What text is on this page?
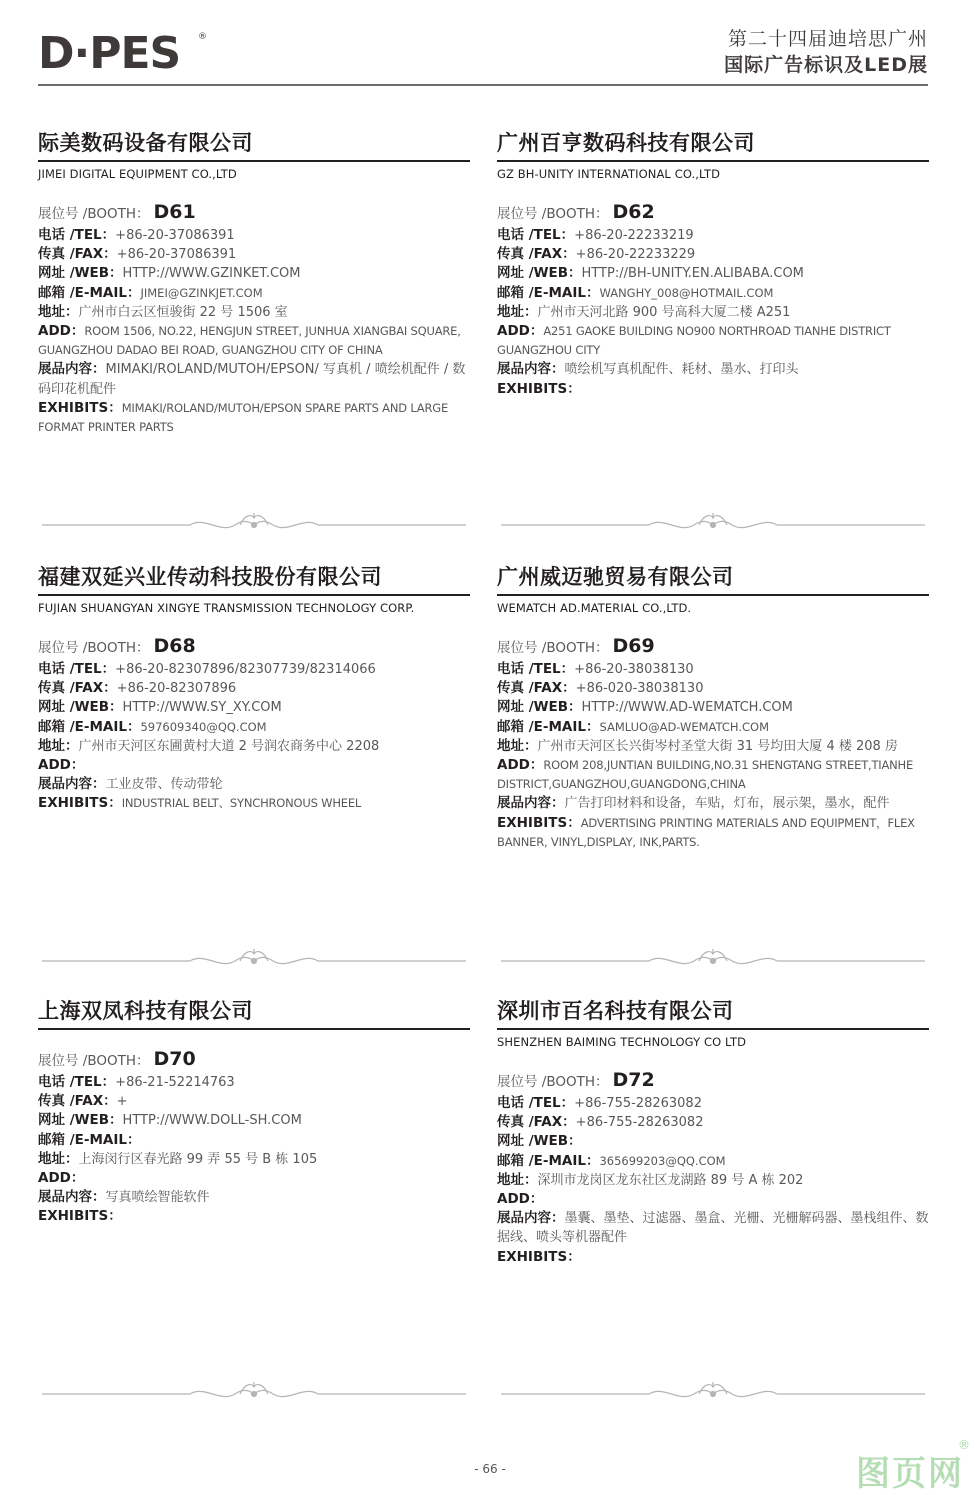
D·PES ®	第二十四届迪培思广州
国际广告标识及LED展
际美数码设备有限公司
JIMEI DIGITAL EQUIPMENT CO.,LTD
展位号 /BOOTH： D61
电话 /TEL：+86-20-37086391
传真 /FAX：+86-20-37086391
网址 /WEB：HTTP://WWW.GZINKET.COM
邮箱 /E-MAIL：JIMEI@GZINKJET.COM
地址：广州市白云区恒骏街 22 号 1506 室
ADD：ROOM 1506, NO.22, HENGJUN STREET, JUNHUA XIANGBAI SQUARE, GUANGZHOU DADAO BEI ROAD, GUANGZHOU CITY OF CHINA
展品内容：MIMAKI/ROLAND/MUTOH/EPSON/ 写真机 / 喷绘机配件 / 数码印花机配件
EXHIBITS：MIMAKI/ROLAND/MUTOH/EPSON SPARE PARTS AND LARGE FORMAT PRINTER PARTS
广州百亨数码科技有限公司
GZ BH-UNITY INTERNATIONAL CO.,LTD
展位号 /BOOTH： D62
电话 /TEL：+86-20-22233219
传真 /FAX：+86-20-22233229
网址 /WEB：HTTP://BH-UNITY.EN.ALIBABA.COM
邮箱 /E-MAIL：WANGHY_008@HOTMAIL.COM
地址：广州市天河北路 900 号高科大厦二楼 A251
ADD：A251 GAOKE BUILDING NO900 NORTHROAD TIANHE DISTRICT GUANGZHOU CITY
展品内容：喷绘机写真机配件、耗材、墨水、打印头
EXHIBITS：
福建双延兴业传动科技股份有限公司
FUJIAN SHUANGYAN XINGYE TRANSMISSION TECHNOLOGY CORP.
展位号 /BOOTH： D68
电话 /TEL：+86-20-82307896/82307739/82314066
传真 /FAX：+86-20-82307896
网址 /WEB：HTTP://WWW.SY_XY.COM
邮箱 /E-MAIL：597609340@QQ.COM
地址：广州市天河区东圃黄村大道 2 号润农商务中心 2208
ADD：
展品内容：工业皮带、传动带轮
EXHIBITS：INDUSTRIAL BELT、SYNCHRONOUS WHEEL
广州威迈驰贸易有限公司
WEMATCH AD.MATERIAL CO.,LTD.
展位号 /BOOTH： D69
电话 /TEL：+86-20-38038130
传真 /FAX：+86-020-38038130
网址 /WEB：HTTP://WWW.AD-WEMATCH.COM
邮箱 /E-MAIL：SAMLUO@AD-WEMATCH.COM
地址：广州市天河区长兴街岑村圣堂大街 31 号均田大厦 4 楼 208 房
ADD：ROOM 208,JUNTIAN BUILDING,NO.31 SHENGTANG STREET,TIANHE DISTRICT,GUANGZHOU,GUANGDONG,CHINA
展品内容：广告打印材料和设备，车贴，灯布，展示架，墨水，配件
EXHIBITS：ADVERTISING PRINTING MATERIALS AND EQUIPMENT，FLEX BANNER, VINYL,DISPLAY, INK,PARTS.
上海双凤科技有限公司
展位号 /BOOTH： D70
电话 /TEL：+86-21-52214763
传真 /FAX：+
网址 /WEB：HTTP://WWW.DOLL-SH.COM
邮箱 /E-MAIL：
地址：上海闵行区春光路 99 弄 55 号 B 栋 105
ADD：
展品内容：写真喷绘智能软件
EXHIBITS：
深圳市百名科技有限公司
SHENZHEN BAIMING TECHNOLOGY CO LTD
展位号 /BOOTH： D72
电话 /TEL：+86-755-28263082
传真 /FAX：+86-755-28263082
网址 /WEB：
邮箱 /E-MAIL：365699203@QQ.COM
地址：深圳市龙岗区龙东社区龙湖路 89 号 A 栋 202
ADD：
展品内容：墨囊、墨垫、过滤器、墨盒、光栅、光栅解码器、墨栈组件、数据线、喷头等机器配件
EXHIBITS：
- 66 -	图页网
®
